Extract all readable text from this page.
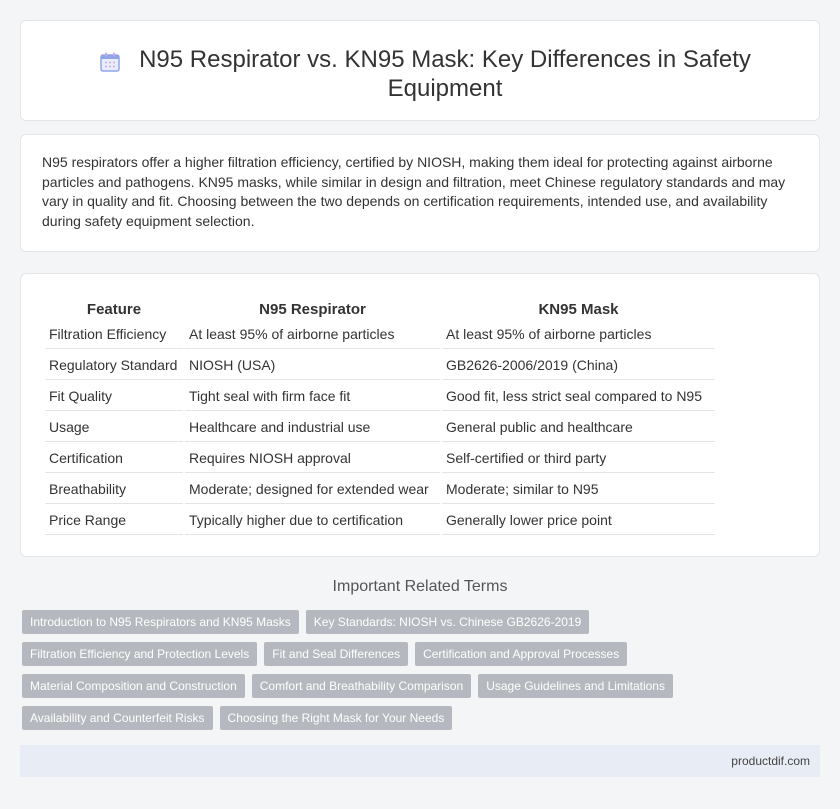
N95 Respirator vs. KN95 Mask: Key Differences in Safety Equipment

N95 respirators offer a higher filtration efficiency, certified by NIOSH, making them ideal for protecting against airborne particles and pathogens. KN95 masks, while similar in design and filtration, meet Chinese regulatory standards and may vary in quality and fit. Choosing between the two depends on certification requirements, intended use, and availability during safety equipment selection.

Feature	N95 Respirator	KN95 Mask
Filtration Efficiency	At least 95% of airborne particles	At least 95% of airborne particles
Regulatory Standard	NIOSH (USA)	GB2626-2006/2019 (China)
Fit Quality	Tight seal with firm face fit	Good fit, less strict seal compared to N95
Usage	Healthcare and industrial use	General public and healthcare
Certification	Requires NIOSH approval	Self-certified or third party
Breathability	Moderate; designed for extended wear	Moderate; similar to N95
Price Range	Typically higher due to certification	Generally lower price point
Important Related Terms
Introduction to N95 Respirators and KN95 Masks	Key Standards: NIOSH vs. Chinese GB2626-2019
Filtration Efficiency and Protection Levels	Fit and Seal Differences	Certification and Approval Processes
Material Composition and Construction	Comfort and Breathability Comparison	Usage Guidelines and Limitations
Availability and Counterfeit Risks	Choosing the Right Mask for Your Needs
productdif.com
